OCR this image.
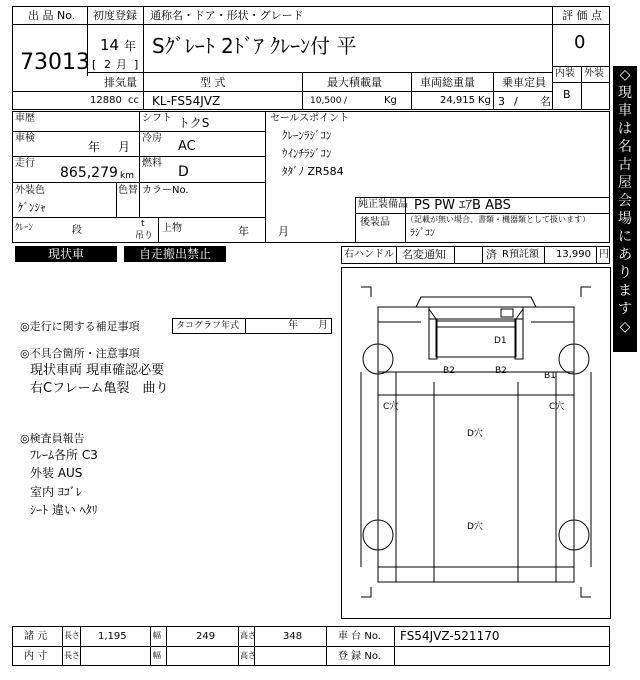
出 品 No.
73013
初度登録 通称名・ドア・形状・グレード
14 年
[ 2 月 ]
Sｸﾞﾚｰﾄ 2ﾄﾞｱ ｸﾚｰﾝ付 平
評 価 点
0
内装 外装
B
排気量	型 式	最大積載量	車両総重量 乗車定員
12880 cc KL-FS54JVZ	10,500 /	Kg	24,915 Kg 3 / 名
車歴	シフト トクS
車検
年 月
冷房
AC
走行
865,279 km
燃料
D
外装色
ｹﾞﾝｼｬ
色替 カラーNo.
ｸﾚｰﾝ	段
t
吊り
上物	年	月
セールスポイント
ｸﾚｰﾝﾗｼﾞｺﾝ
ｳｲﾝﾁﾗｼﾞｺﾝ
ﾀﾀﾞﾉ ZR584
純正装備品 PS PW ｴｱB ABS
後装品 （記載が無い場合、書類・機器類として扱います）
ﾗｼﾞｺﾝ
現状車	自走搬出禁止	右ハンドル 名変通知	済 R預託額 13,990 円
◎走行に関する補足事項	タコグラフ年式	年 月
◎不具合箇所・注意事項
現状車両 現車確認必要
右Cフレーム亀裂　曲り
◎検査員報告
ﾌﾚｰﾑ各所 C3
外装 AUS
室内 ﾖｺﾞﾚ
ｼｰﾄ 違い ﾍﾀﾘ
D1
B2	B2	B1
C穴	C穴
D穴
D穴
◇
現
車
は
名
古
屋
会
場
に
あ
り
ま
す
◇
諸 元 長さ 1,195	幅	249	高さ	348	車 台 No. FS54JVZ-521170
内 寸 長さ	幅	高さ	登 録 No.
